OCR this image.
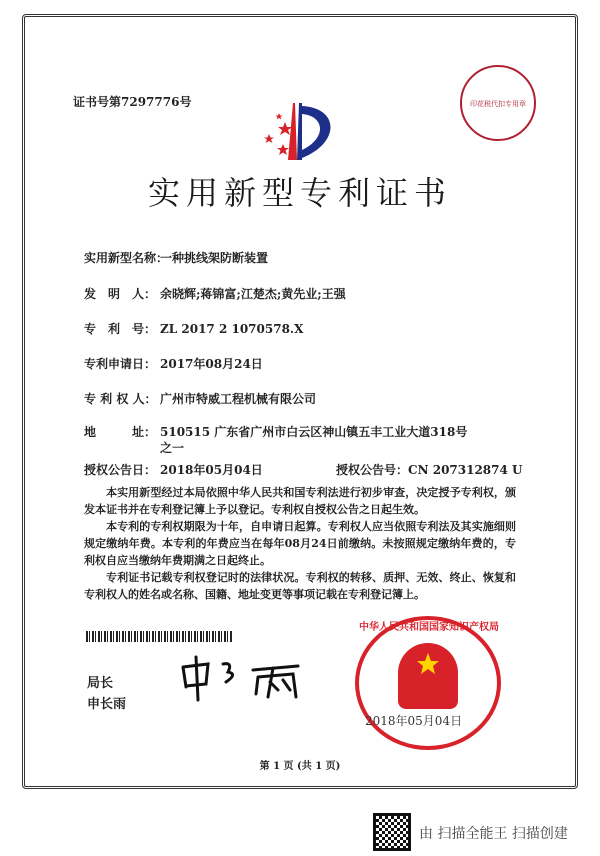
证书号第7297776号	印花税代扣专用章
实用新型专利证书
实用新型名称：一种挑线架防断装置
发　明　人： 余晓辉;蒋锦富;江楚杰;黄先业;王强
专　利　号： ZL 2017 2 1070578.X
专利申请日： 2017年08月24日
专 利 权 人： 广州市特威工程机械有限公司
地　　　址： 510515 广东省广州市白云区神山镇五丰工业大道318号之一
授权公告日： 2018年05月04日	授权公告号：CN 207312874 U

本实用新型经过本局依照中华人民共和国专利法进行初步审查，决定授予专利权，颁发本证书并在专利登记簿上予以登记。专利权自授权公告之日起生效。

本专利的专利权期限为十年，自申请日起算。专利权人应当依照专利法及其实施细则规定缴纳年费。本专利的年费应当在每年08月24日前缴纳。未按照规定缴纳年费的，专利权自应当缴纳年费期满之日起终止。

专利证书记载专利权登记时的法律状况。专利权的转移、质押、无效、终止、恢复和专利权人的姓名或名称、国籍、地址变更等事项记载在专利登记簿上。

局长
申长雨
中华人民共和国国家知识产权局
2018年05月04日
第 1 页 (共 1 页)
由 扫描全能王 扫描创建
